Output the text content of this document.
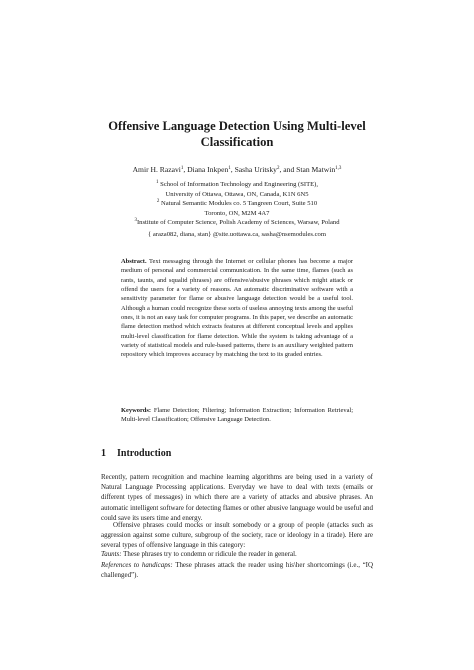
Offensive Language Detection Using Multi-level
Classification
Amir H. Razavi$^1$, Diana Inkpen$^1$, Sasha Uritsky$^2$, and Stan Matwin$^{1,3}$
$^1$ School of Information Technology and Engineering (SITE),
University of Ottawa, Ottawa, ON, Canada, K1N 6N5
$^2$ Natural Semantic Modules co. 5 Tangreen Court, Suite 510
Toronto, ON, M2M 4A7
$^3$Institute of Computer Science, Polish Academy of Sciences, Warsaw, Poland
{ araza082, diana, stan} @site.uottawa.ca, sasha@nsemodules.com
Abstract. Text messaging through the Internet or cellular phones has become a major medium of personal and commercial communication. In the same time, flames (such as rants, taunts, and squalid phrases) are offensive/abusive phrases which might attack or offend the users for a variety of reasons. An automatic discriminative software with a sensitivity parameter for flame or abusive language detection would be a useful tool. Although a human could recognize these sorts of useless annoying texts among the useful ones, it is not an easy task for computer programs. In this paper, we describe an automatic flame detection method which extracts features at different conceptual levels and applies multi-level classification for flame detection. While the system is taking advantage of a variety of statistical models and rule-based patterns, there is an auxiliary weighted pattern repository which improves accuracy by matching the text to its graded entries.
Keywords: Flame Detection; Filtering; Information Extraction; Information Retrieval; Multi-level Classification; Offensive Language Detection.
1 Introduction
Recently, pattern recognition and machine learning algorithms are being used in a variety of Natural Language Processing applications. Everyday we have to deal with texts (emails or different types of messages) in which there are a variety of attacks and abusive phrases. An automatic intelligent software for detecting flames or other abusive language would be useful and could save its users time and energy.
Offensive phrases could mocks or insult somebody or a group of people (attacks such as aggression against some culture, subgroup of the society, race or ideology in a tirade). Here are several types of offensive language in this category:
Taunts: These phrases try to condemn or ridicule the reader in general.
References to handicaps: These phrases attack the reader using his\her shortcomings (i.e., “IQ challenged”).
